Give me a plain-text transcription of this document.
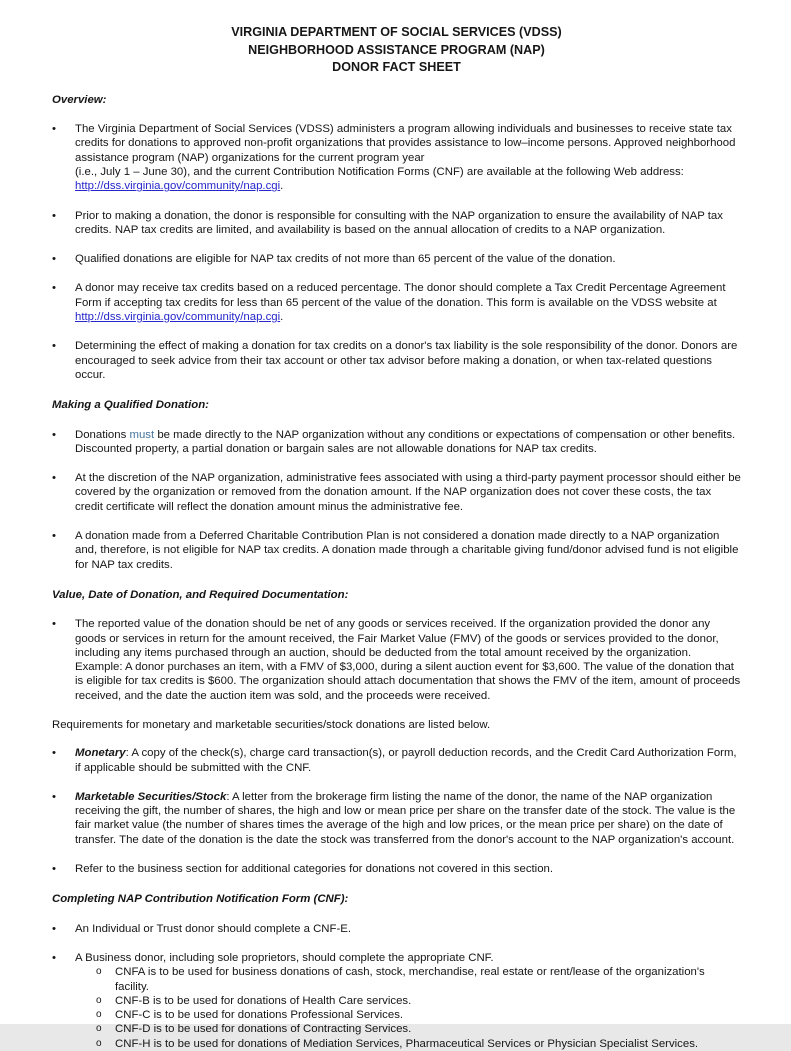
VIRGINIA DEPARTMENT OF SOCIAL SERVICES (VDSS)
NEIGHBORHOOD ASSISTANCE PROGRAM (NAP)
DONOR FACT SHEET
Overview:
•	The Virginia Department of Social Services (VDSS) administers a program allowing individuals and businesses to receive state tax credits for donations to approved non-profit organizations that provides assistance to low–income persons. Approved neighborhood assistance program (NAP) organizations for the current program year
(i.e., July 1 – June 30), and the current Contribution Notification Forms (CNF) are available at the following Web address:
http://dss.virginia.gov/community/nap.cgi.
•	Prior to making a donation, the donor is responsible for consulting with the NAP organization to ensure the availability of NAP tax credits. NAP tax credits are limited, and availability is based on the annual allocation of credits to a NAP organization.
•	Qualified donations are eligible for NAP tax credits of not more than 65 percent of the value of the donation.
•	A donor may receive tax credits based on a reduced percentage. The donor should complete a Tax Credit Percentage Agreement Form if accepting tax credits for less than 65 percent of the value of the donation. This form is available on the VDSS website at http://dss.virginia.gov/community/nap.cgi.
•	Determining the effect of making a donation for tax credits on a donor's tax liability is the sole responsibility of the donor. Donors are encouraged to seek advice from their tax account or other tax advisor before making a donation, or when tax-related questions occur.
Making a Qualified Donation:
•	Donations must be made directly to the NAP organization without any conditions or expectations of compensation or other benefits. Discounted property, a partial donation or bargain sales are not allowable donations for NAP tax credits.
•	At the discretion of the NAP organization, administrative fees associated with using a third-party payment processor should either be covered by the organization or removed from the donation amount. If the NAP organization does not cover these costs, the tax credit certificate will reflect the donation amount minus the administrative fee.
•	A donation made from a Deferred Charitable Contribution Plan is not considered a donation made directly to a NAP organization and, therefore, is not eligible for NAP tax credits. A donation made through a charitable giving fund/donor advised fund is not eligible for NAP tax credits.
Value, Date of Donation, and Required Documentation:
•	The reported value of the donation should be net of any goods or services received. If the organization provided the donor any goods or services in return for the amount received, the Fair Market Value (FMV) of the goods or services provided to the donor, including any items purchased through an auction, should be deducted from the total amount received by the organization. Example: A donor purchases an item, with a FMV of $3,000, during a silent auction event for $3,600. The value of the donation that is eligible for tax credits is $600. The organization should attach documentation that shows the FMV of the item, amount of proceeds received, and the date the auction item was sold, and the proceeds were received.
Requirements for monetary and marketable securities/stock donations are listed below.
•	Monetary: A copy of the check(s), charge card transaction(s), or payroll deduction records, and the Credit Card Authorization Form, if applicable should be submitted with the CNF.
•	Marketable Securities/Stock: A letter from the brokerage firm listing the name of the donor, the name of the NAP organization receiving the gift, the number of shares, the high and low or mean price per share on the transfer date of the stock. The value is the fair market value (the number of shares times the average of the high and low prices, or the mean price per share) on the date of transfer. The date of the donation is the date the stock was transferred from the donor's account to the NAP organization's account.
•	Refer to the business section for additional categories for donations not covered in this section.
Completing NAP Contribution Notification Form (CNF):
•	An Individual or Trust donor should complete a CNF-E.
•	A Business donor, including sole proprietors, should complete the appropriate CNF.
o	CNFA is to be used for business donations of cash, stock, merchandise, real estate or rent/lease of the organization's facility.
o	CNF-B is to be used for donations of Health Care services.
o	CNF-C is to be used for donations Professional Services.
o	CNF-D is to be used for donations of Contracting Services.
o	CNF-H is to be used for donations of Mediation Services, Pharmaceutical Services or Physician Specialist Services.
